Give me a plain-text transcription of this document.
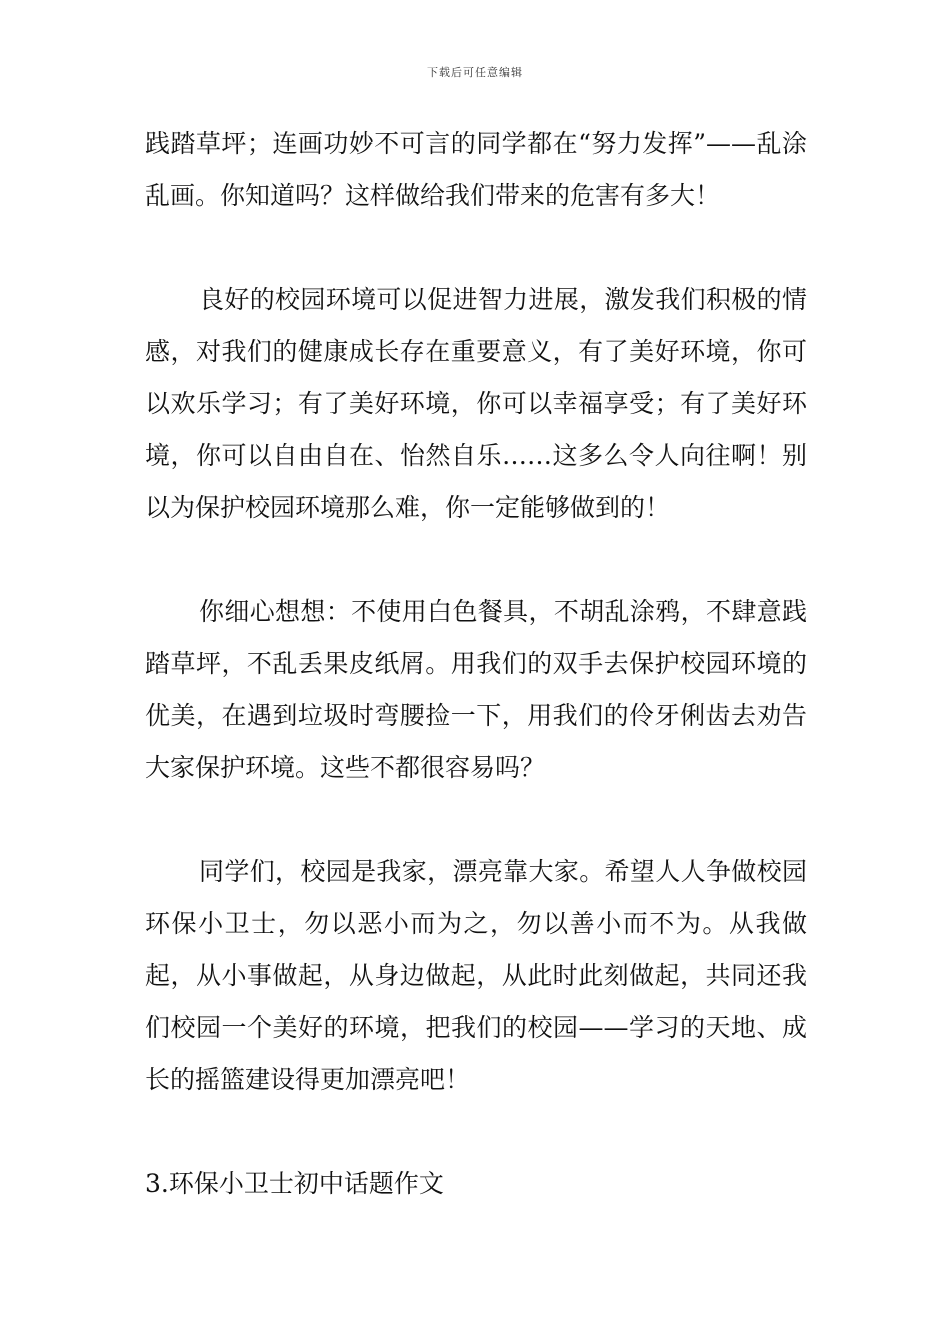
下载后可任意编辑

践踏草坪；连画功妙不可言的同学都在“努力发挥”——乱涂乱画。你知道吗？这样做给我们带来的危害有多大！

良好的校园环境可以促进智力进展，激发我们积极的情感，对我们的健康成长存在重要意义，有了美好环境，你可以欢乐学习；有了美好环境，你可以幸福享受；有了美好环境，你可以自由自在、怡然自乐……这多么令人向往啊！别以为保护校园环境那么难，你一定能够做到的！

你细心想想：不使用白色餐具，不胡乱涂鸦，不肆意践踏草坪，不乱丢果皮纸屑。用我们的双手去保护校园环境的优美，在遇到垃圾时弯腰捡一下，用我们的伶牙俐齿去劝告大家保护环境。这些不都很容易吗？

同学们，校园是我家，漂亮靠大家。希望人人争做校园环保小卫士，勿以恶小而为之，勿以善小而不为。从我做起，从小事做起，从身边做起，从此时此刻做起，共同还我们校园一个美好的环境，把我们的校园——学习的天地、成长的摇篮建设得更加漂亮吧！

3.环保小卫士初中话题作文
